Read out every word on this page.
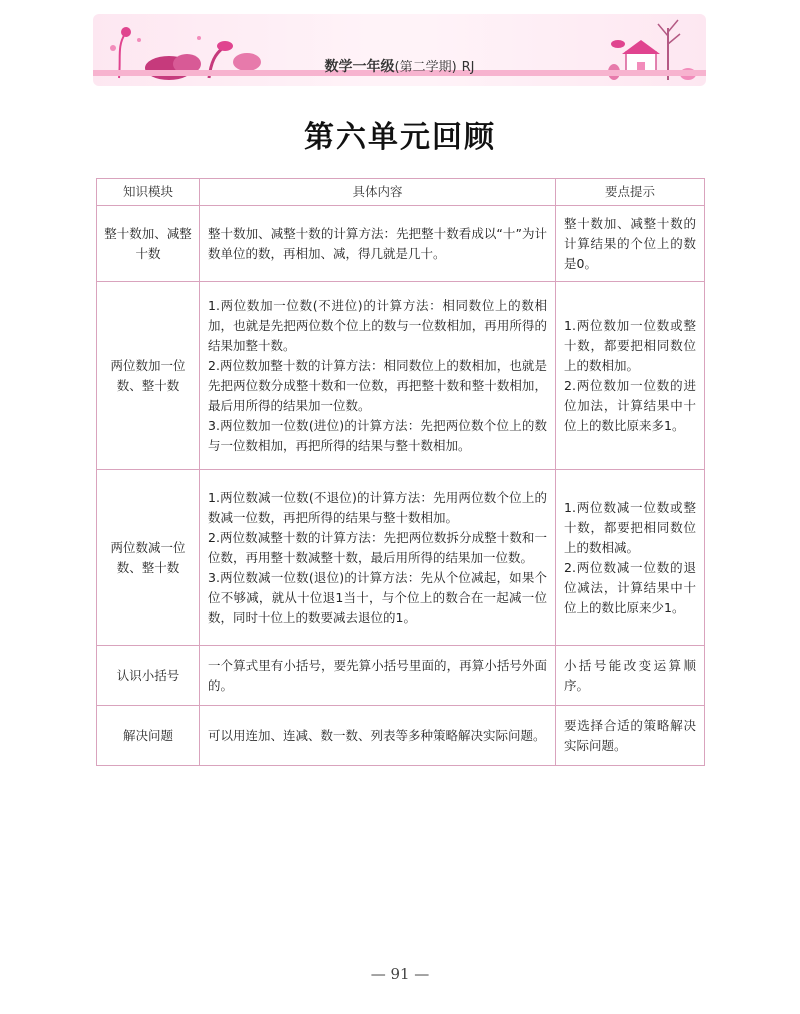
数学一年级(第二学期) RJ
第六单元回顾
知识模块	具体内容	要点提示
整十数加、减整十数	整十数加、减整十数的计算方法：先把整十数看成以“十”为计数单位的数，再相加、减，得几就是几十。	整十数加、减整十数的计算结果的个位上的数是0。

两位数加一位数、整十数	1.两位数加一位数(不进位)的计算方法：相同数位上的数相加，也就是先把两位数个位上的数与一位数相加，再用所得的结果加整十数。
2.两位数加整十数的计算方法：相同数位上的数相加，也就是先把两位数分成整十数和一位数，再把整十数和整十数相加，最后用所得的结果加一位数。
3.两位数加一位数(进位)的计算方法：先把两位数个位上的数与一位数相加，再把所得的结果与整十数相加。	1.两位数加一位数或整十数，都要把相同数位上的数相加。
2.两位数加一位数的进位加法，计算结果中十位上的数比原来多1。

两位数减一位数、整十数	1.两位数减一位数(不退位)的计算方法：先用两位数个位上的数减一位数，再把所得的结果与整十数相加。
2.两位数减整十数的计算方法：先把两位数拆分成整十数和一位数，再用整十数减整十数，最后用所得的结果加一位数。
3.两位数减一位数(退位)的计算方法：先从个位减起，如果个位不够减，就从十位退1当十，与个位上的数合在一起减一位数，同时十位上的数要减去退位的1。	1.两位数减一位数或整十数，都要把相同数位上的数相减。
2.两位数减一位数的退位减法，计算结果中十位上的数比原来少1。

认识小括号	一个算式里有小括号，要先算小括号里面的，再算小括号外面的。	小括号能改变运算顺序。

解决问题	可以用连加、连减、数一数、列表等多种策略解决实际问题。	要选择合适的策略解决实际问题。
— 91 —
